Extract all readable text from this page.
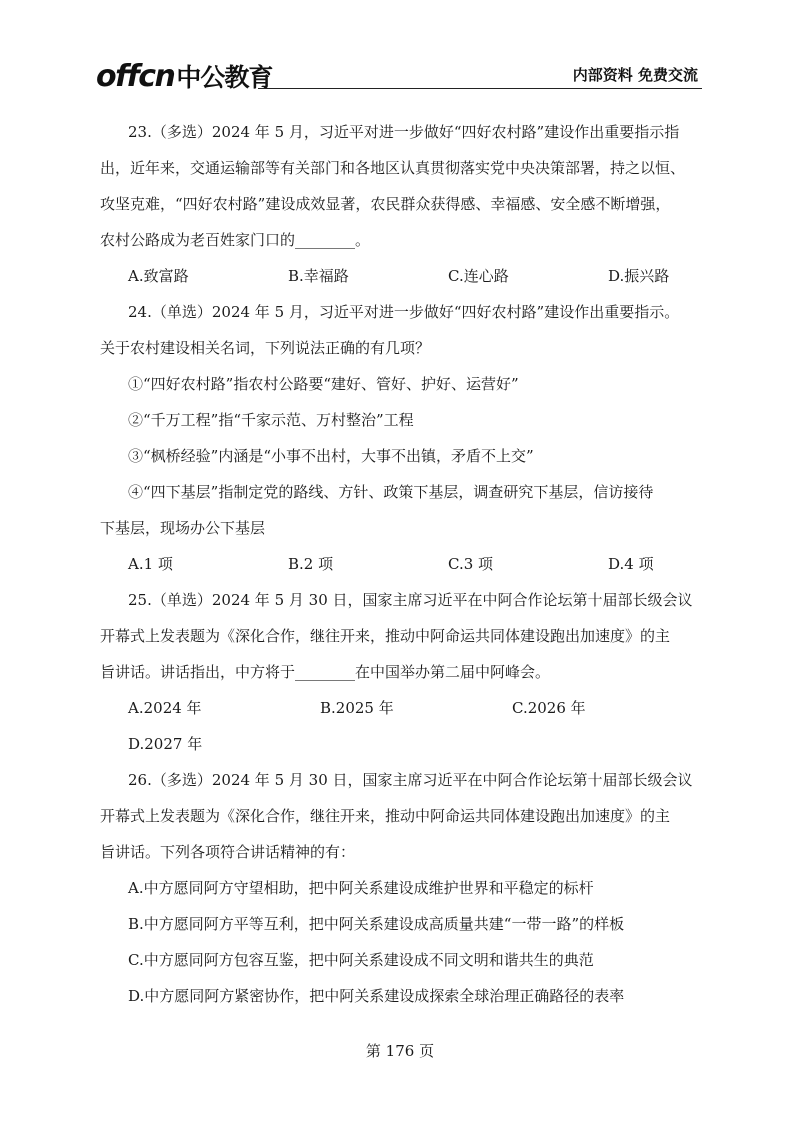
offcn中公教育	内部资料 免费交流

23.（多选）2024 年 5 月，习近平对进一步做好“四好农村路”建设作出重要指示指

出，近年来，交通运输部等有关部门和各地区认真贯彻落实党中央决策部署，持之以恒、

攻坚克难，“四好农村路”建设成效显著，农民群众获得感、幸福感、安全感不断增强，

农村公路成为老百姓家门口的________。

A.致富路	B.幸福路	C.连心路	D.振兴路

24.（单选）2024 年 5 月，习近平对进一步做好“四好农村路”建设作出重要指示。

关于农村建设相关名词，下列说法正确的有几项？

①“四好农村路”指农村公路要“建好、管好、护好、运营好”

②“千万工程”指“千家示范、万村整治”工程

③“枫桥经验”内涵是“小事不出村，大事不出镇，矛盾不上交”

④“四下基层”指制定党的路线、方针、政策下基层，调查研究下基层，信访接待

下基层，现场办公下基层

A.1 项	B.2 项	C.3 项	D.4 项

25.（单选）2024 年 5 月 30 日，国家主席习近平在中阿合作论坛第十届部长级会议

开幕式上发表题为《深化合作，继往开来，推动中阿命运共同体建设跑出加速度》的主

旨讲话。讲话指出，中方将于________在中国举办第二届中阿峰会。

A.2024 年	B.2025 年	C.2026 年
D.2027 年

26.（多选）2024 年 5 月 30 日，国家主席习近平在中阿合作论坛第十届部长级会议

开幕式上发表题为《深化合作，继往开来，推动中阿命运共同体建设跑出加速度》的主

旨讲话。下列各项符合讲话精神的有：

A.中方愿同阿方守望相助，把中阿关系建设成维护世界和平稳定的标杆

B.中方愿同阿方平等互利，把中阿关系建设成高质量共建“一带一路”的样板

C.中方愿同阿方包容互鉴，把中阿关系建设成不同文明和谐共生的典范

D.中方愿同阿方紧密协作，把中阿关系建设成探索全球治理正确路径的表率

第 176 页
